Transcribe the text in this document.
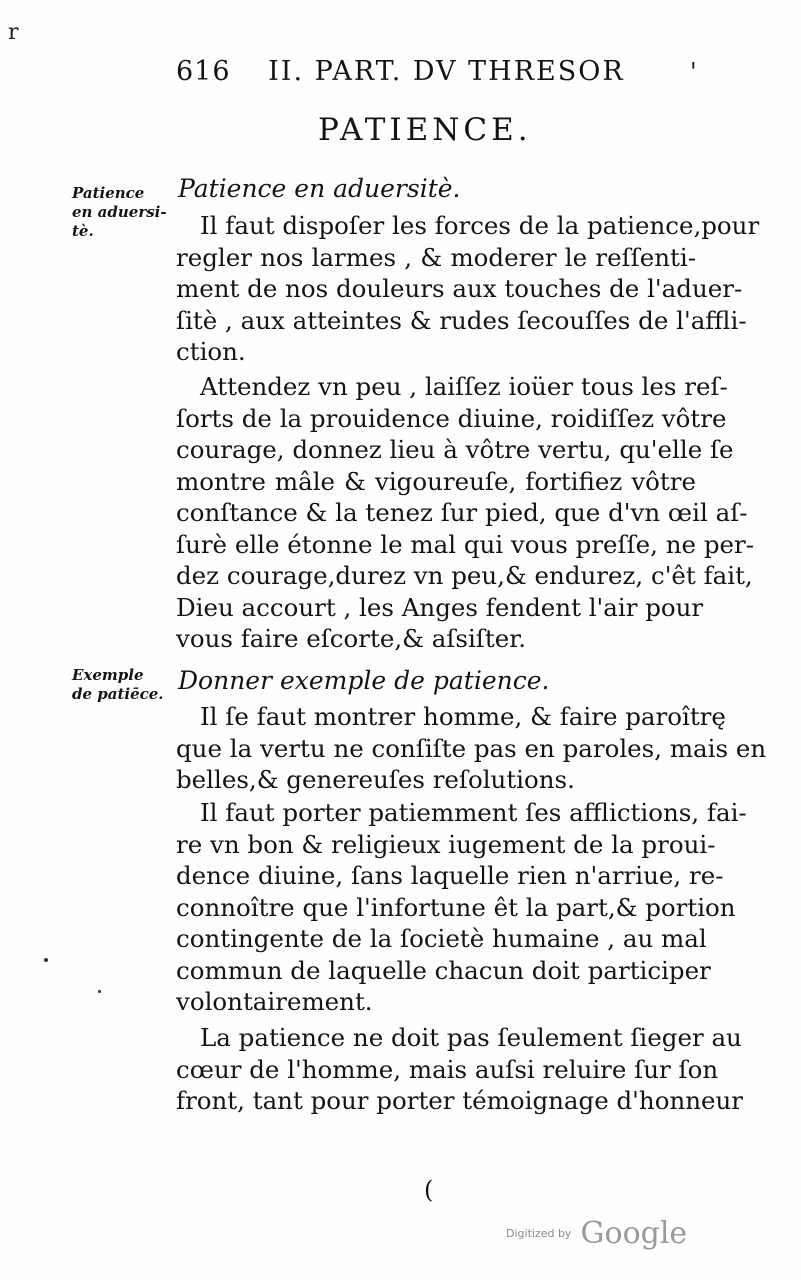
r
616 II. PART. DV THRESOR	'
PATIENCE.
Patience
en aduersi-
tè.
Patience en aduersitè.
Il faut dispoſer les forces de la patience,pour
regler nos larmes , & moderer le reſſenti-
ment de nos douleurs aux touches de l'aduer-
ſitè , aux atteintes & rudes ſecouſſes de l'affli-
ction.
Attendez vn peu , laiſſez ioüer tous les reſ-
ſorts de la prouidence diuine, roidiſſez vôtre
courage, donnez lieu à vôtre vertu, qu'elle ſe
montre mâle & vigoureuſe, fortifiez vôtre
conſtance & la tenez ſur pied, que d'vn œil aſ-
ſurè elle étonne le mal qui vous preſſe, ne per-
dez courage,durez vn peu,& endurez, c'êt fait,
Dieu accourt , les Anges fendent l'air pour
vous faire eſcorte,& aſsiſter.
Exemple
de patiēce. Donner exemple de patience.
Il ſe faut montrer homme, & faire paroîtrę
que la vertu ne conſiſte pas en paroles, mais en
belles,& genereuſes reſolutions.
Il faut porter patiemment ſes afflictions, fai-
re vn bon & religieux iugement de la proui-
dence diuine, ſans laquelle rien n'arriue, re-
connoître que l'infortune êt la part,& portion
contingente de la ſocietè humaine , au mal
commun de laquelle chacun doit participer
volontairement.
La patience ne doit pas ſeulement ſieger au
cœur de l'homme, mais auſsi reluire ſur ſon
front, tant pour porter témoignage d'honneur
(
Digitized by Google
